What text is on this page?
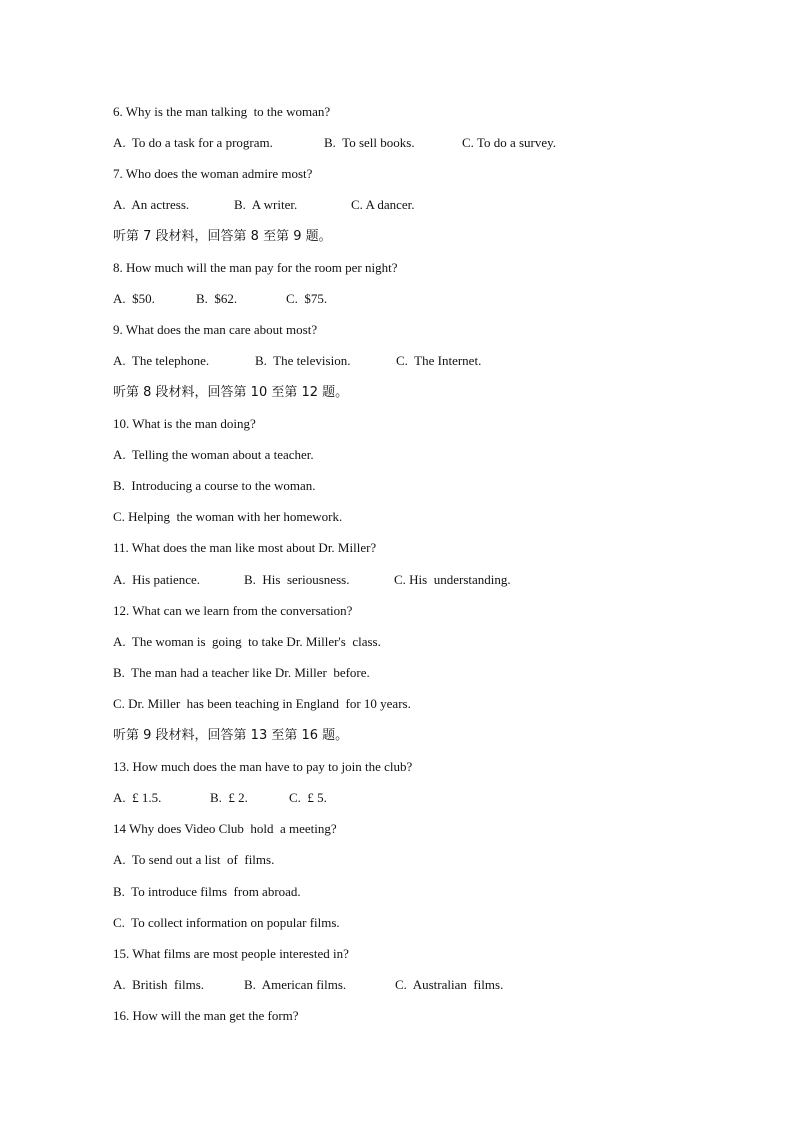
6. Why is the man talking  to the woman?

A.  To do a task for a program.

	B.  To sell books.

	C. To do a survey.

7. Who does the woman admire most?

A.  An actress.

	B.  A writer.

	C. A dancer.

听第 7 段材料，回答第 8 至第 9 题。
8. How much will the man pay for the room per night?

A.  $50.

	B.  $62.

	C.  $75.

9. What does the man care about most?

A.  The telephone.

	B.  The television.

	C.  The Internet.

听第 8 段材料，回答第 10 至第 12 题。
10. What is the man doing?
A.  Telling the woman about a teacher.
B.  Introducing a course to the woman.
C. Helping  the woman with her homework.
11. What does the man like most about Dr. Miller?

A.  His patience.

	B.  His  seriousness.

	C. His  understanding.

12. What can we learn from the conversation?
A.  The woman is  going  to take Dr. Miller's  class.
B.  The man had a teacher like Dr. Miller  before.
C. Dr. Miller  has been teaching in England  for 10 years.
听第 9 段材料，回答第 13 至第 16 题。
13. How much does the man have to pay to join the club?

A.  £ 1.5.

	B.  £ 2.

	C.  £ 5.

14 Why does Video Club  hold  a meeting?
A.  To send out a list  of  films.
B.  To introduce films  from abroad.
C.  To collect information on popular films.
15. What films are most people interested in?

A.  British  films.

	B.  American films.

	C.  Australian  films.

16. How will the man get the form?
